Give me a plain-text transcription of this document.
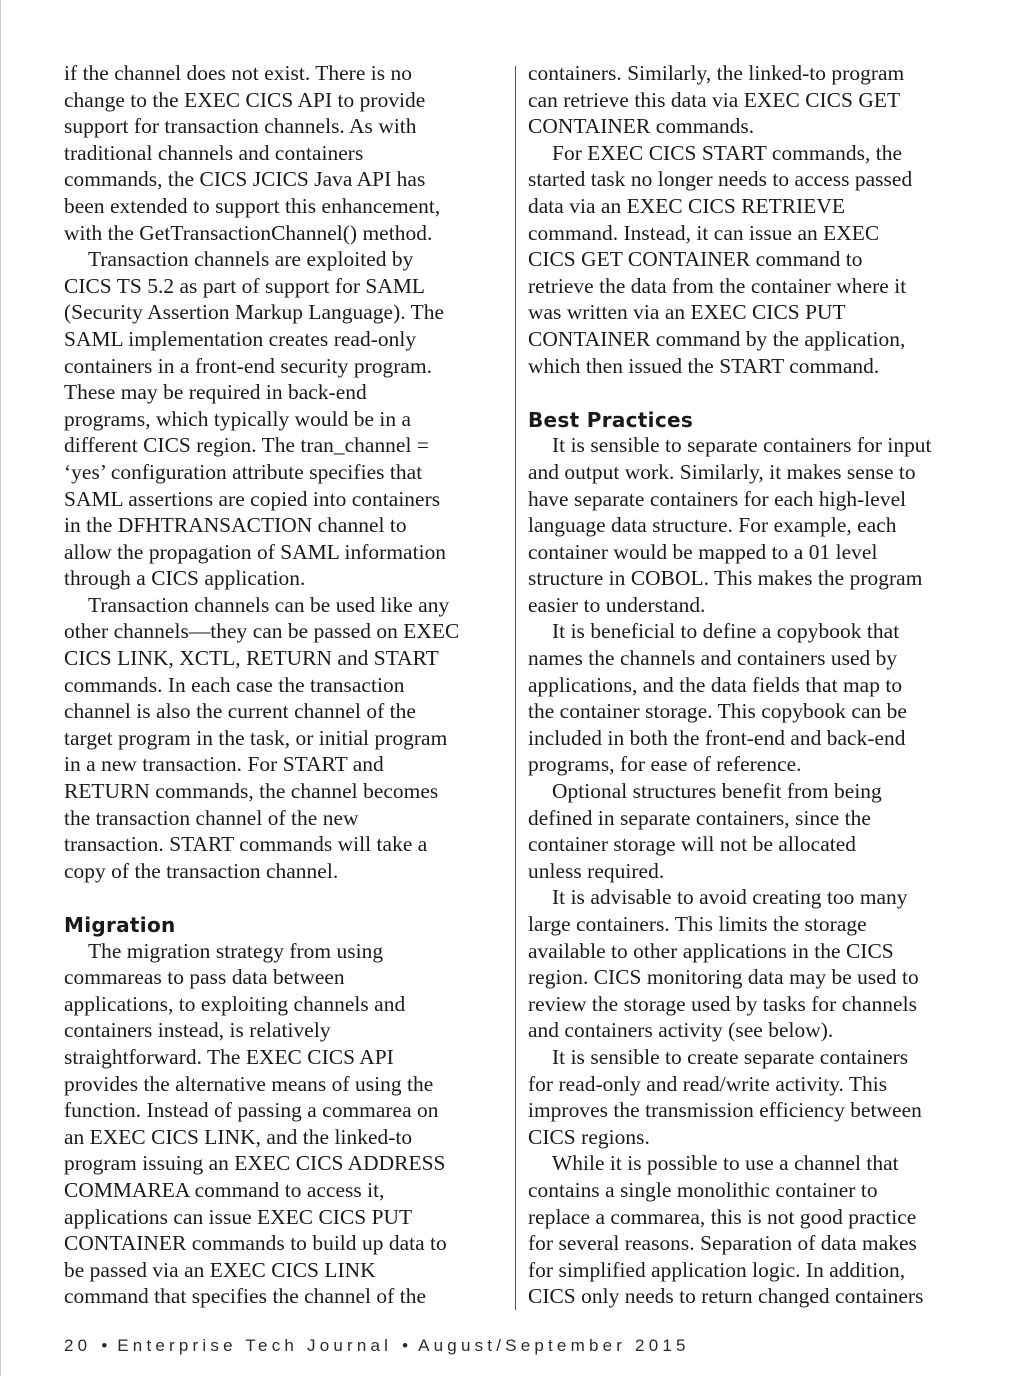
if the channel does not exist. There is no
change to the EXEC CICS API to provide
support for transaction channels. As with
traditional channels and containers
commands, the CICS JCICS Java API has
been extended to support this enhancement,
with the GetTransactionChannel() method.
Transaction channels are exploited by
CICS TS 5.2 as part of support for SAML
(Security Assertion Markup Language). The
SAML implementation creates read-only
containers in a front-end security program.
These may be required in back-end
programs, which typically would be in a
different CICS region. The tran_channel =
‘yes’ configuration attribute specifies that
SAML assertions are copied into containers
in the DFHTRANSACTION channel to
allow the propagation of SAML information
through a CICS application.
Transaction channels can be used like any
other channels—they can be passed on EXEC
CICS LINK, XCTL, RETURN and START
commands. In each case the transaction
channel is also the current channel of the
target program in the task, or initial program
in a new transaction. For START and
RETURN commands, the channel becomes
the transaction channel of the new
transaction. START commands will take a
copy of the transaction channel.
Migration
The migration strategy from using
commareas to pass data between
applications, to exploiting channels and
containers instead, is relatively
straightforward. The EXEC CICS API
provides the alternative means of using the
function. Instead of passing a commarea on
an EXEC CICS LINK, and the linked-to
program issuing an EXEC CICS ADDRESS
COMMAREA command to access it,
applications can issue EXEC CICS PUT
CONTAINER commands to build up data to
be passed via an EXEC CICS LINK
command that specifies the channel of the
containers. Similarly, the linked-to program
can retrieve this data via EXEC CICS GET
CONTAINER commands.
For EXEC CICS START commands, the
started task no longer needs to access passed
data via an EXEC CICS RETRIEVE
command. Instead, it can issue an EXEC
CICS GET CONTAINER command to
retrieve the data from the container where it
was written via an EXEC CICS PUT
CONTAINER command by the application,
which then issued the START command.
Best Practices
It is sensible to separate containers for input
and output work. Similarly, it makes sense to
have separate containers for each high-level
language data structure. For example, each
container would be mapped to a 01 level
structure in COBOL. This makes the program
easier to understand.
It is beneficial to define a copybook that
names the channels and containers used by
applications, and the data fields that map to
the container storage. This copybook can be
included in both the front-end and back-end
programs, for ease of reference.
Optional structures benefit from being
defined in separate containers, since the
container storage will not be allocated
unless required.
It is advisable to avoid creating too many
large containers. This limits the storage
available to other applications in the CICS
region. CICS monitoring data may be used to
review the storage used by tasks for channels
and containers activity (see below).
It is sensible to create separate containers
for read-only and read/write activity. This
improves the transmission efficiency between
CICS regions.
While it is possible to use a channel that
contains a single monolithic container to
replace a commarea, this is not good practice
for several reasons. Separation of data makes
for simplified application logic. In addition,
CICS only needs to return changed containers
20 • Enterprise Tech Journal • August/September 2015
